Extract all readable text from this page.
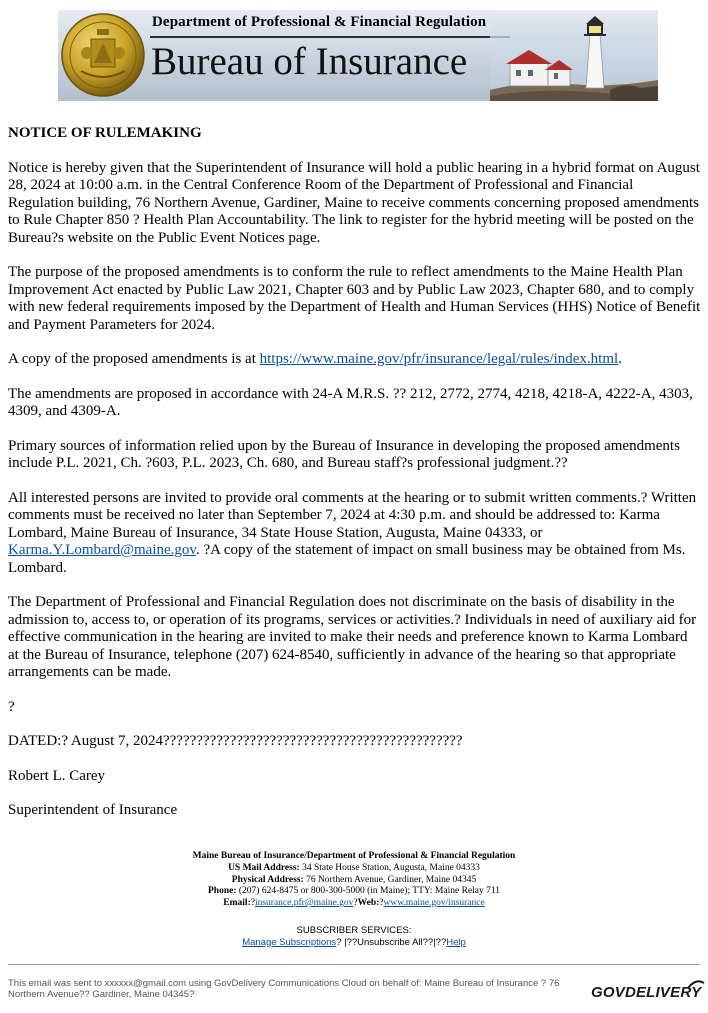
Department of Professional & Financial Regulation
Bureau of Insurance
NOTICE OF RULEMAKING

Notice is hereby given that the Superintendent of Insurance will hold a public hearing in a hybrid format on August 28, 2024 at 10:00 a.m. in the Central Conference Room of the Department of Professional and Financial Regulation building, 76 Northern Avenue, Gardiner, Maine to receive comments concerning proposed amendments to Rule Chapter 850 ? Health Plan Accountability. The link to register for the hybrid meeting will be posted on the Bureau?s website on the Public Event Notices page.

The purpose of the proposed amendments is to conform the rule to reflect amendments to the Maine Health Plan Improvement Act enacted by Public Law 2021, Chapter 603 and by Public Law 2023, Chapter 680, and to comply with new federal requirements imposed by the Department of Health and Human Services (HHS) Notice of Benefit and Payment Parameters for 2024.

A copy of the proposed amendments is at https://www.maine.gov/pfr/insurance/legal/rules/index.html.

The amendments are proposed in accordance with 24-A M.R.S. ?? 212, 2772, 2774, 4218, 4218-A, 4222-A, 4303, 4309, and 4309-A.

Primary sources of information relied upon by the Bureau of Insurance in developing the proposed amendments include P.L. 2021, Ch. ?603, P.L. 2023, Ch. 680, and Bureau staff?s professional judgment.??

All interested persons are invited to provide oral comments at the hearing or to submit written comments.? Written comments must be received no later than September 7, 2024 at 4:30 p.m. and should be addressed to: Karma Lombard, Maine Bureau of Insurance, 34 State House Station, Augusta, Maine 04333, or Karma.Y.Lombard@maine.gov. ?A copy of the statement of impact on small business may be obtained from Ms. Lombard.

The Department of Professional and Financial Regulation does not discriminate on the basis of disability in the admission to, access to, or operation of its programs, services or activities.? Individuals in need of auxiliary aid for effective communication in the hearing are invited to make their needs and preference known to Karma Lombard at the Bureau of Insurance, telephone (207) 624-8540, sufficiently in advance of the hearing so that appropriate arrangements can be made.

?

DATED:? August 7, 2024?????????????????????????????????????????????

Robert L. Carey

Superintendent of Insurance

Maine Bureau of Insurance/Department of Professional & Financial Regulation
US Mail Address: 34 State House Station, Augusta, Maine 04333
Physical Address: 76 Northern Avenue, Gardiner, Maine 04345
Phone: (207) 624-8475 or 800-300-5000 (in Maine); TTY: Maine Relay 711
Email:?insurance.pfr@maine.gov?Web:?www.maine.gov/insurance
SUBSCRIBER SERVICES:
Manage Subscriptions? |??Unsubscribe All??|??Help
This email was sent to xxxxxx@gmail.com using GovDelivery Communications Cloud on behalf of: Maine Bureau of Insurance ? 76 Northern Avenue?? Gardiner, Maine 04345?	GOVDELIVERY
